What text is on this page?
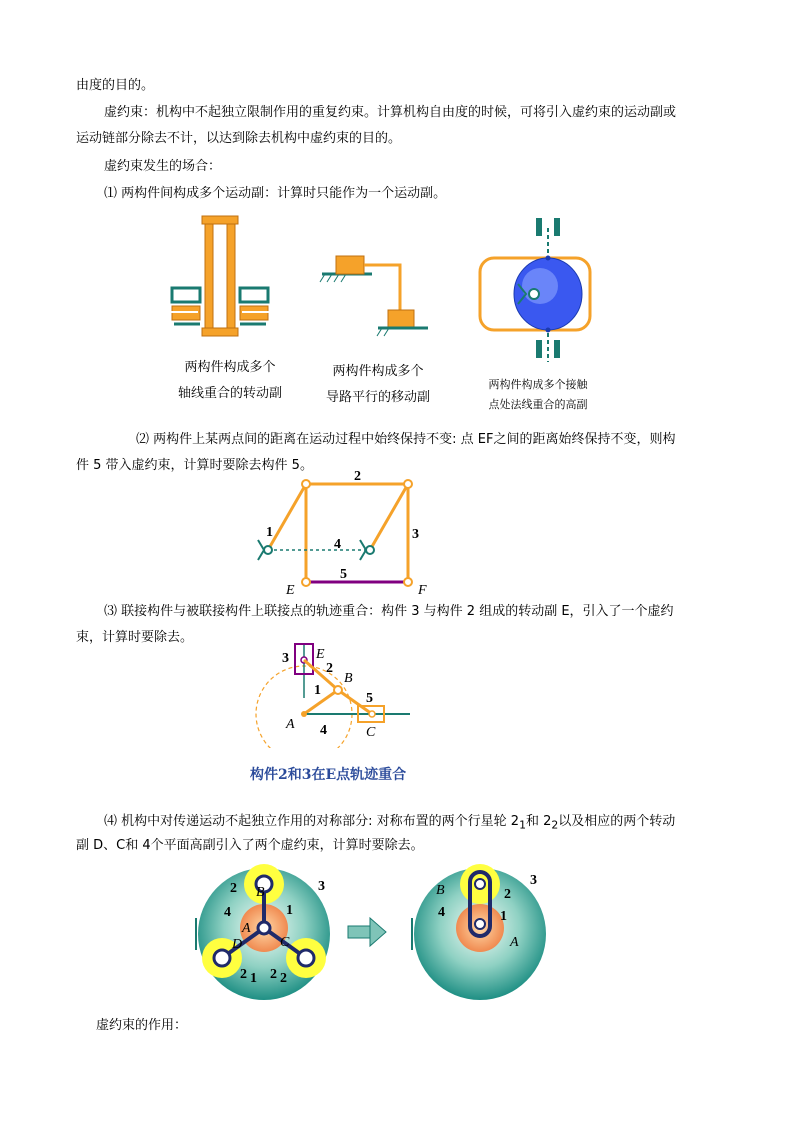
由度的目的。
虚约束：机构中不起独立限制作用的重复约束。计算机构自由度的时候，可将引入虚约束的运动副或
运动链部分除去不计，以达到除去机构中虚约束的目的。
虚约束发生的场合：
⑴ 两构件间构成多个运动副：计算时只能作为一个运动副。
两构件构成多个
轴线重合的转动副
两构件构成多个
导路平行的移动副
两构件构成多个接触
点处法线重合的高副
⑵ 两构件上某两点间的距离在运动过程中始终保持不变: 点 EF之间的距离始终保持不变，则构
件 5 带入虚约束，计算时要除去构件 5。
1
2
3
4
5
E	F
⑶ 联接构件与被联接构件上联接点的轨迹重合：构件 3 与构件 2 组成的转动副 E，引入了一个虚约
束，计算时要除去。
3 E
2
B
1
5
A 4	C
构件2和3在E点轨迹重合
⑷ 机构中对传递运动不起独立作用的对称部分: 对称布置的两个行星轮 $2_1$和 $2_2$以及相应的两个转动
副 D、C和 4个平面高副引入了两个虚约束，计算时要除去。
2	3
B
4	1
A
D	C
2 1 2 2
B	2
3
4	1
A
虚约束的作用：
